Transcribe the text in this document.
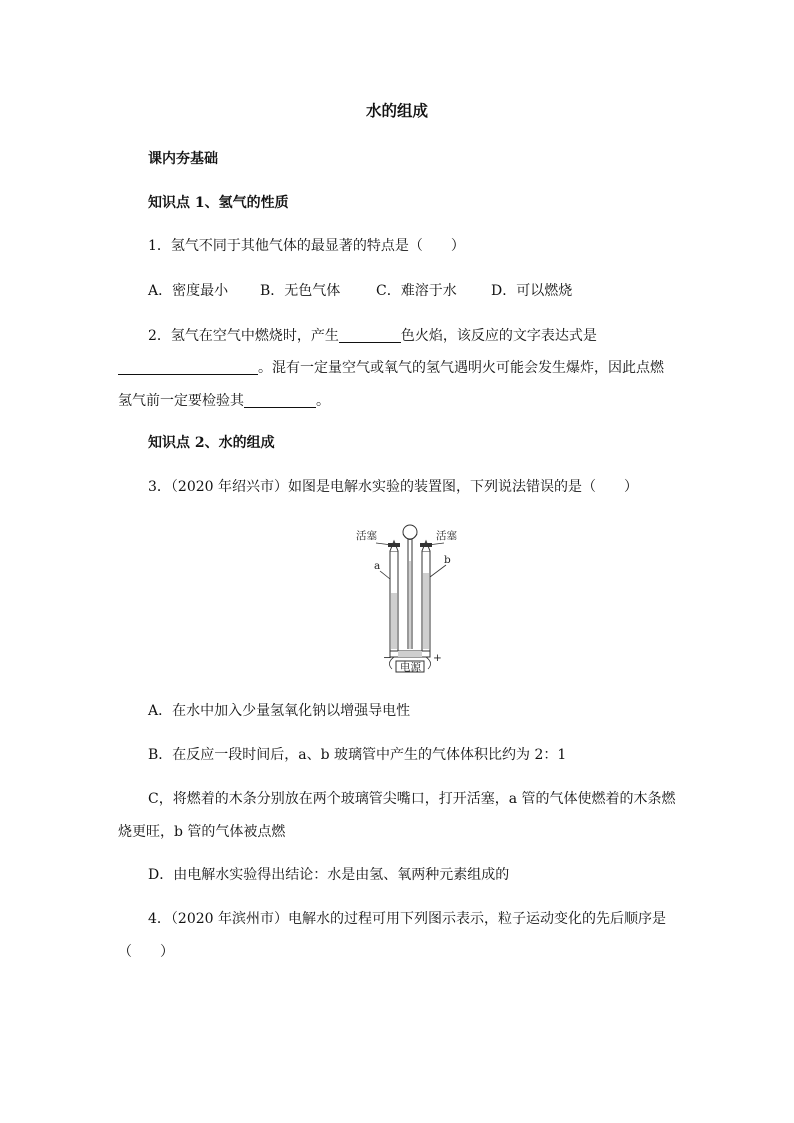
水的组成
课内夯基础
知识点 1、氢气的性质
1．氢气不同于其他气体的最显著的特点是（　　）
A．密度最小 B．无色气体	C．难溶于水 D．可以燃烧
2．氢气在空气中燃烧时，产生	色火焰，该反应的文字表达式是
。混有一定量空气或氧气的氢气遇明火可能会发生爆炸，因此点燃
氢气前一定要检验其	。
知识点 2、水的组成
3．（2020 年绍兴市）如图是电解水实验的装置图，下列说法错误的是（　　）
活塞	活塞
a	b
−	+
电源
A．在水中加入少量氢氧化钠以增强导电性
B．在反应一段时间后，a、b 玻璃管中产生的气体体积比约为 2：1
C，将燃着的木条分别放在两个玻璃管尖嘴口，打开活塞，a 管的气体使燃着的木条燃
烧更旺，b 管的气体被点燃
D．由电解水实验得出结论：水是由氢、氧两种元素组成的
4．（2020 年滨州市）电解水的过程可用下列图示表示，粒子运动变化的先后顺序是
（　　）
